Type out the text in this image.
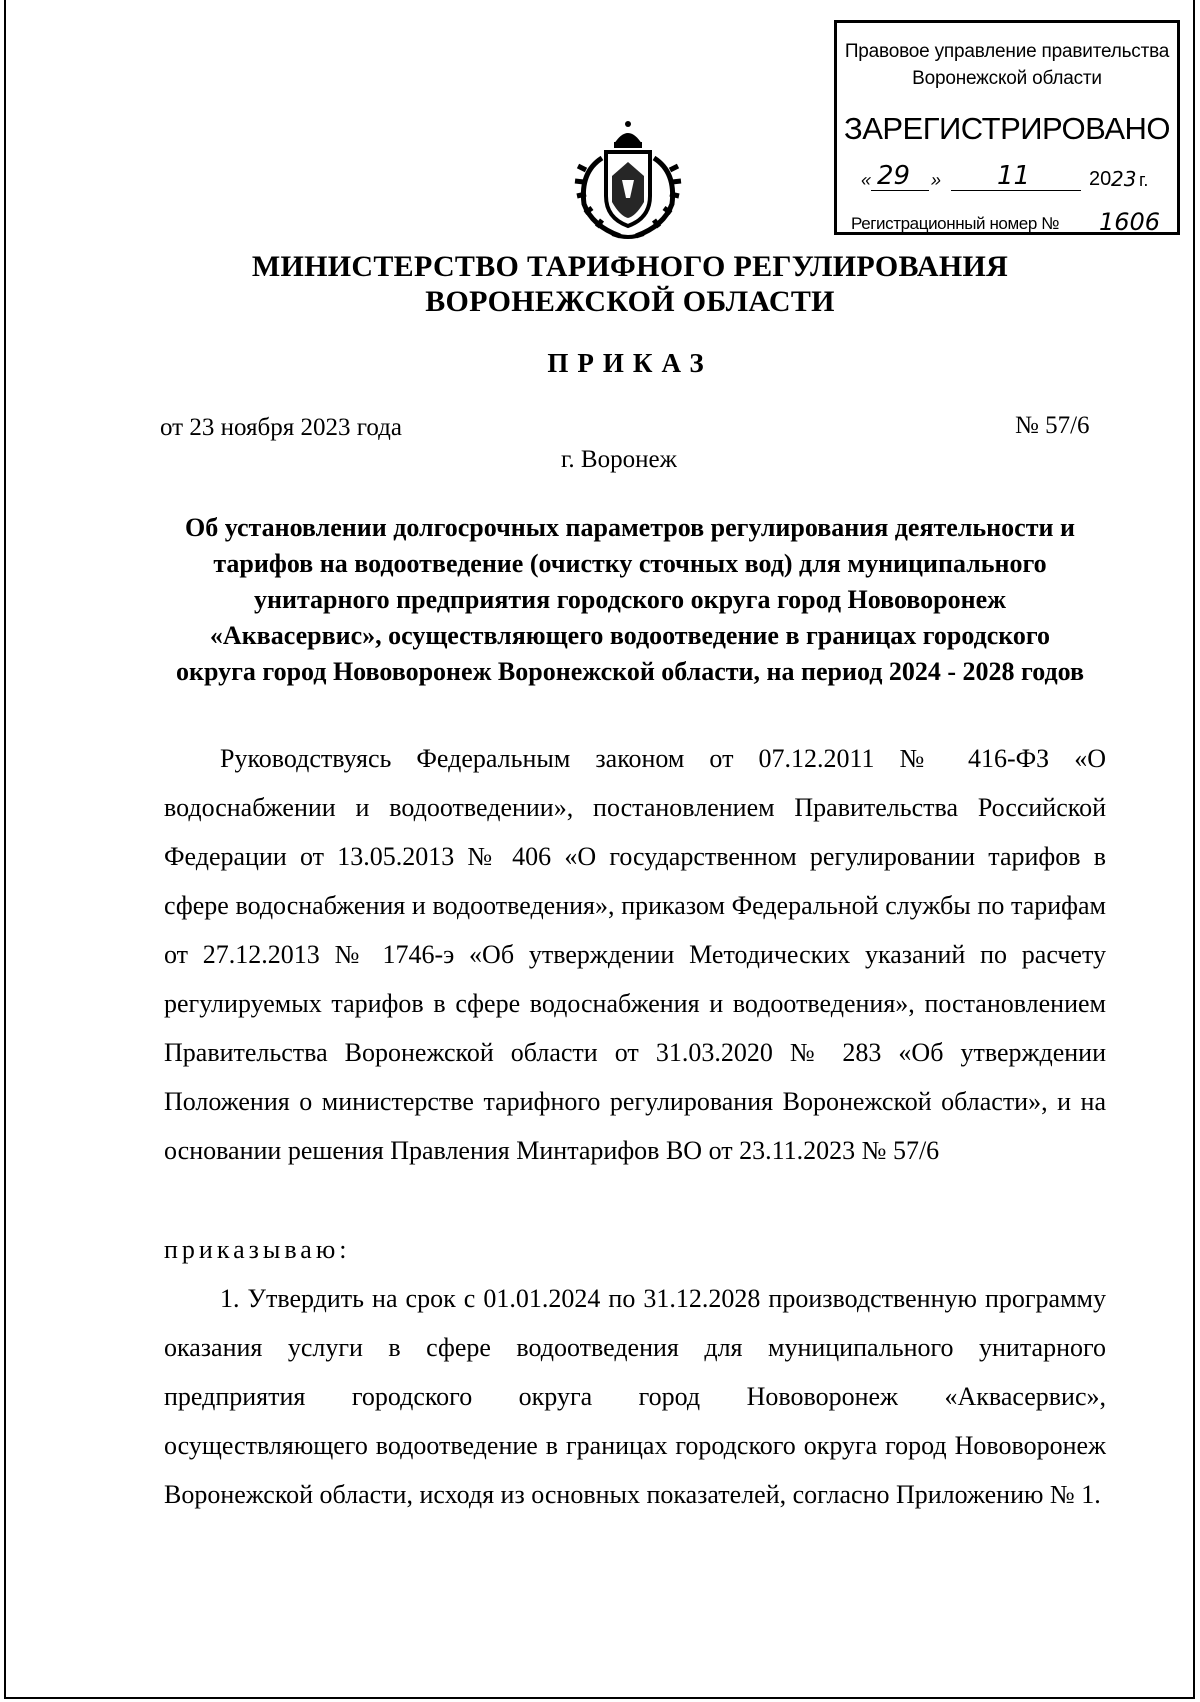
Правовое управление правительства
Воронежской области
ЗАРЕГИСТРИРОВАНО
« 29 » 11	20 23 г.
Регистрационный номер № 1606
МИНИСТЕРСТВО ТАРИФНОГО РЕГУЛИРОВАНИЯ
ВОРОНЕЖСКОЙ ОБЛАСТИ
ПРИКАЗ
от 23 ноября 2023 года	№ 57/6
г. Воронеж
Об установлении долгосрочных параметров регулирования деятельности и тарифов на водоотведение (очистку сточных вод) для муниципального унитарного предприятия городского округа город Нововоронеж «Аквасервис», осуществляющего водоотведение в границах городского округа город Нововоронеж Воронежской области, на период 2024 - 2028 годов
Руководствуясь Федеральным законом от 07.12.2011 № 416-ФЗ «О водоснабжении и водоотведении», постановлением Правительства Российской Федерации от 13.05.2013 № 406 «О государственном регулировании тарифов в сфере водоснабжения и водоотведения», приказом Федеральной службы по тарифам от 27.12.2013 № 1746-э «Об утверждении Методических указаний по расчету регулируемых тарифов в сфере водоснабжения и водоотведения», постановлением Правительства Воронежской области от 31.03.2020 № 283 «Об утверждении Положения о министерстве тарифного регулирования Воронежской области», и на основании решения Правления Минтарифов ВО от 23.11.2023 № 57/6
приказываю:
1. Утвердить на срок с 01.01.2024 по 31.12.2028 производственную программу оказания услуги в сфере водоотведения для муниципального унитарного предприятия городского округа город Нововоронеж «Аквасервис», осуществляющего водоотведение в границах городского округа город Нововоронеж Воронежской области, исходя из основных показателей, согласно Приложению № 1.
